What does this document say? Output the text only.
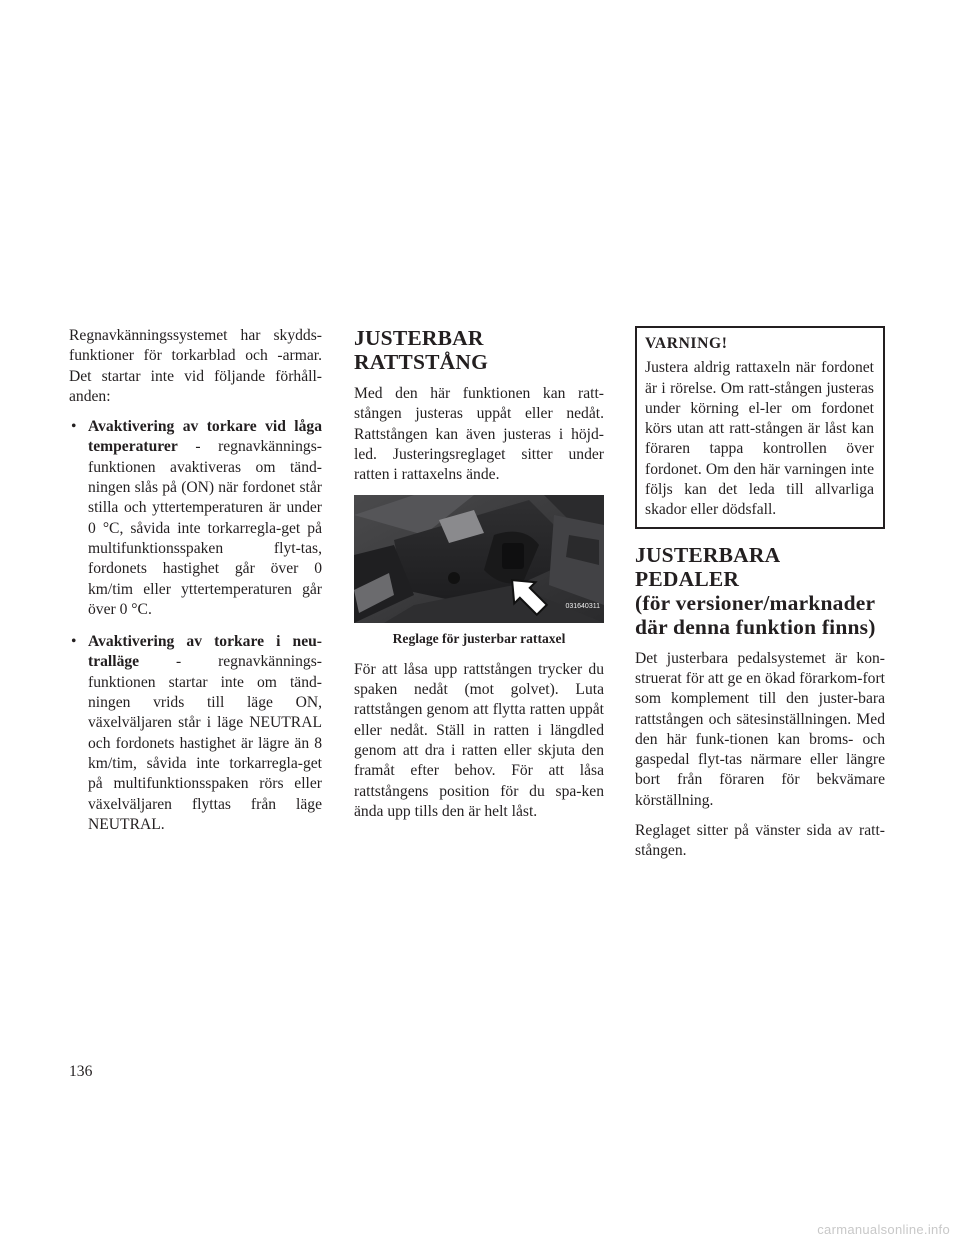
Regnavkänningssystemet har skydds-funktioner för torkarblad och -armar. Det startar inte vid följande förhåll-anden:

• Avaktivering av torkare vid låga temperaturer - regnavkännings-funktionen avaktiveras om tänd-ningen slås på (ON) när fordonet står stilla och yttertemperaturen är under 0 °C, såvida inte torkarregla-get på multifunktionsspaken flyt-tas, fordonets hastighet går över 0 km/tim eller yttertemperaturen går över 0 °C.
• Avaktivering av torkare i neu-tralläge - regnavkännings-funktionen startar inte om tänd-ningen vrids till läge ON, växelväljaren står i läge NEUTRAL och fordonets hastighet är lägre än 8 km/tim, såvida inte torkarregla-get på multifunktionsspaken rörs eller växelväljaren flyttas från läge NEUTRAL.
JUSTERBAR RATTSTÅNG

Med den här funktionen kan ratt-stången justeras uppåt eller nedåt. Rattstången kan även justeras i höjd-led. Justeringsreglaget sitter under ratten i rattaxelns ände.

031640311
Reglage för justerbar rattaxel

För att låsa upp rattstången trycker du spaken nedåt (mot golvet). Luta rattstången genom att flytta ratten uppåt eller nedåt. Ställ in ratten i längdled genom att dra i ratten eller skjuta den framåt efter behov. För att låsa rattstångens position för du spa-ken ända upp tills den är helt låst.

VARNING!

Justera aldrig rattaxeln när fordonet är i rörelse. Om ratt-stången justeras under körning el-ler om fordonet körs utan att ratt-stången är låst kan föraren tappa kontrollen över fordonet. Om den här varningen inte följs kan det leda till allvarliga skador eller dödsfall.

JUSTERBARA PEDALER
(för versioner/marknader
där denna funktion finns)

Det justerbara pedalsystemet är kon-struerat för att ge en ökad förarkom-fort som komplement till den juster-bara rattstången och sätesinställningen. Med den här funk-tionen kan broms- och gaspedal flyt-tas närmare eller längre bort från föraren för bekvämare körställning.

Reglaget sitter på vänster sida av ratt-stången.

136
carmanualsonline.info
